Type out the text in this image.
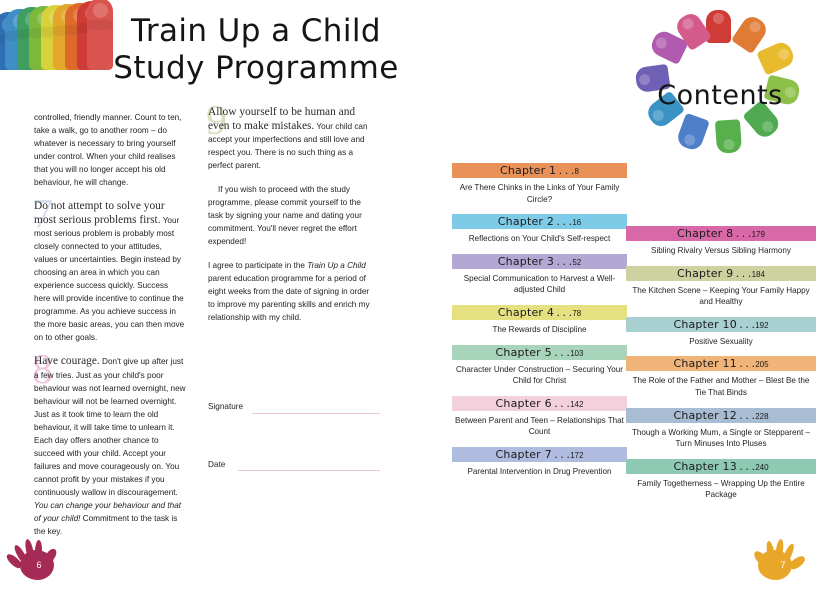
Train Up a Child
Study Programme

controlled, friendly manner. Count to ten, take a walk, go to another room – do whatever is necessary to bring yourself under control. When your child realises that you will no longer accept his old behaviour, he will change.

7
Do not attempt to solve your most serious problems first. Your most serious problem is probably most closely connected to your attitudes, values or uncertainties. Begin instead by choosing an area in which you can experience success quickly. Success here will provide incentive to continue the programme. As you achieve success in the more basic areas, you can then move on to other goals.

8
Have courage. Don't give up after just a few tries. Just as your child's poor behaviour was not learned overnight, new behaviour will not be learned overnight. Just as it took time to learn the old behaviour, it will take time to unlearn it. Each day offers another chance to succeed with your child. Accept your failures and move courageously on. You cannot profit by your mistakes if you continuously wallow in discouragement. You can change your behaviour and that of your child! Commitment to the task is the key.

9
Allow yourself to be human and even to make mistakes. Your child can accept your imperfections and still love and respect you. There is no such thing as a perfect parent.

If you wish to proceed with the study programme, please commit yourself to the task by signing your name and dating your commitment. You'll never regret the effort expended!

I agree to participate in the Train Up a Child parent education programme for a period of eight weeks from the date of signing in order to improve my parenting skills and enrich my relationship with my child.

Signature
Date
6	7
Contents
Chapter 1 . . .8
Are There Chinks in the Links of Your Family Circle?
Chapter 2 . . .16
Reflections on Your Child's Self-respect
Chapter 3 . . .52
Special Communication to Harvest a Well-adjusted Child
Chapter 4 . . .78
The Rewards of Discipline
Chapter 5 . . .103
Character Under Construction – Securing Your Child for Christ
Chapter 6 . . .142
Between Parent and Teen – Relationships That Count
Chapter 7 . . .172
Parental Intervention in Drug Prevention
Chapter 8 . . .179
Sibling Rivalry Versus Sibling Harmony
Chapter 9 . . .184
The Kitchen Scene – Keeping Your Family Happy and Healthy
Chapter 10 . . .192
Positive Sexuality
Chapter 11 . . .205
The Role of the Father and Mother – Blest Be the Tie That Binds
Chapter 12 . . .228
Though a Working Mum, a Single or Stepparent – Turn Minuses Into Pluses
Chapter 13 . . .240
Family Togetherness – Wrapping Up the Entire Package
